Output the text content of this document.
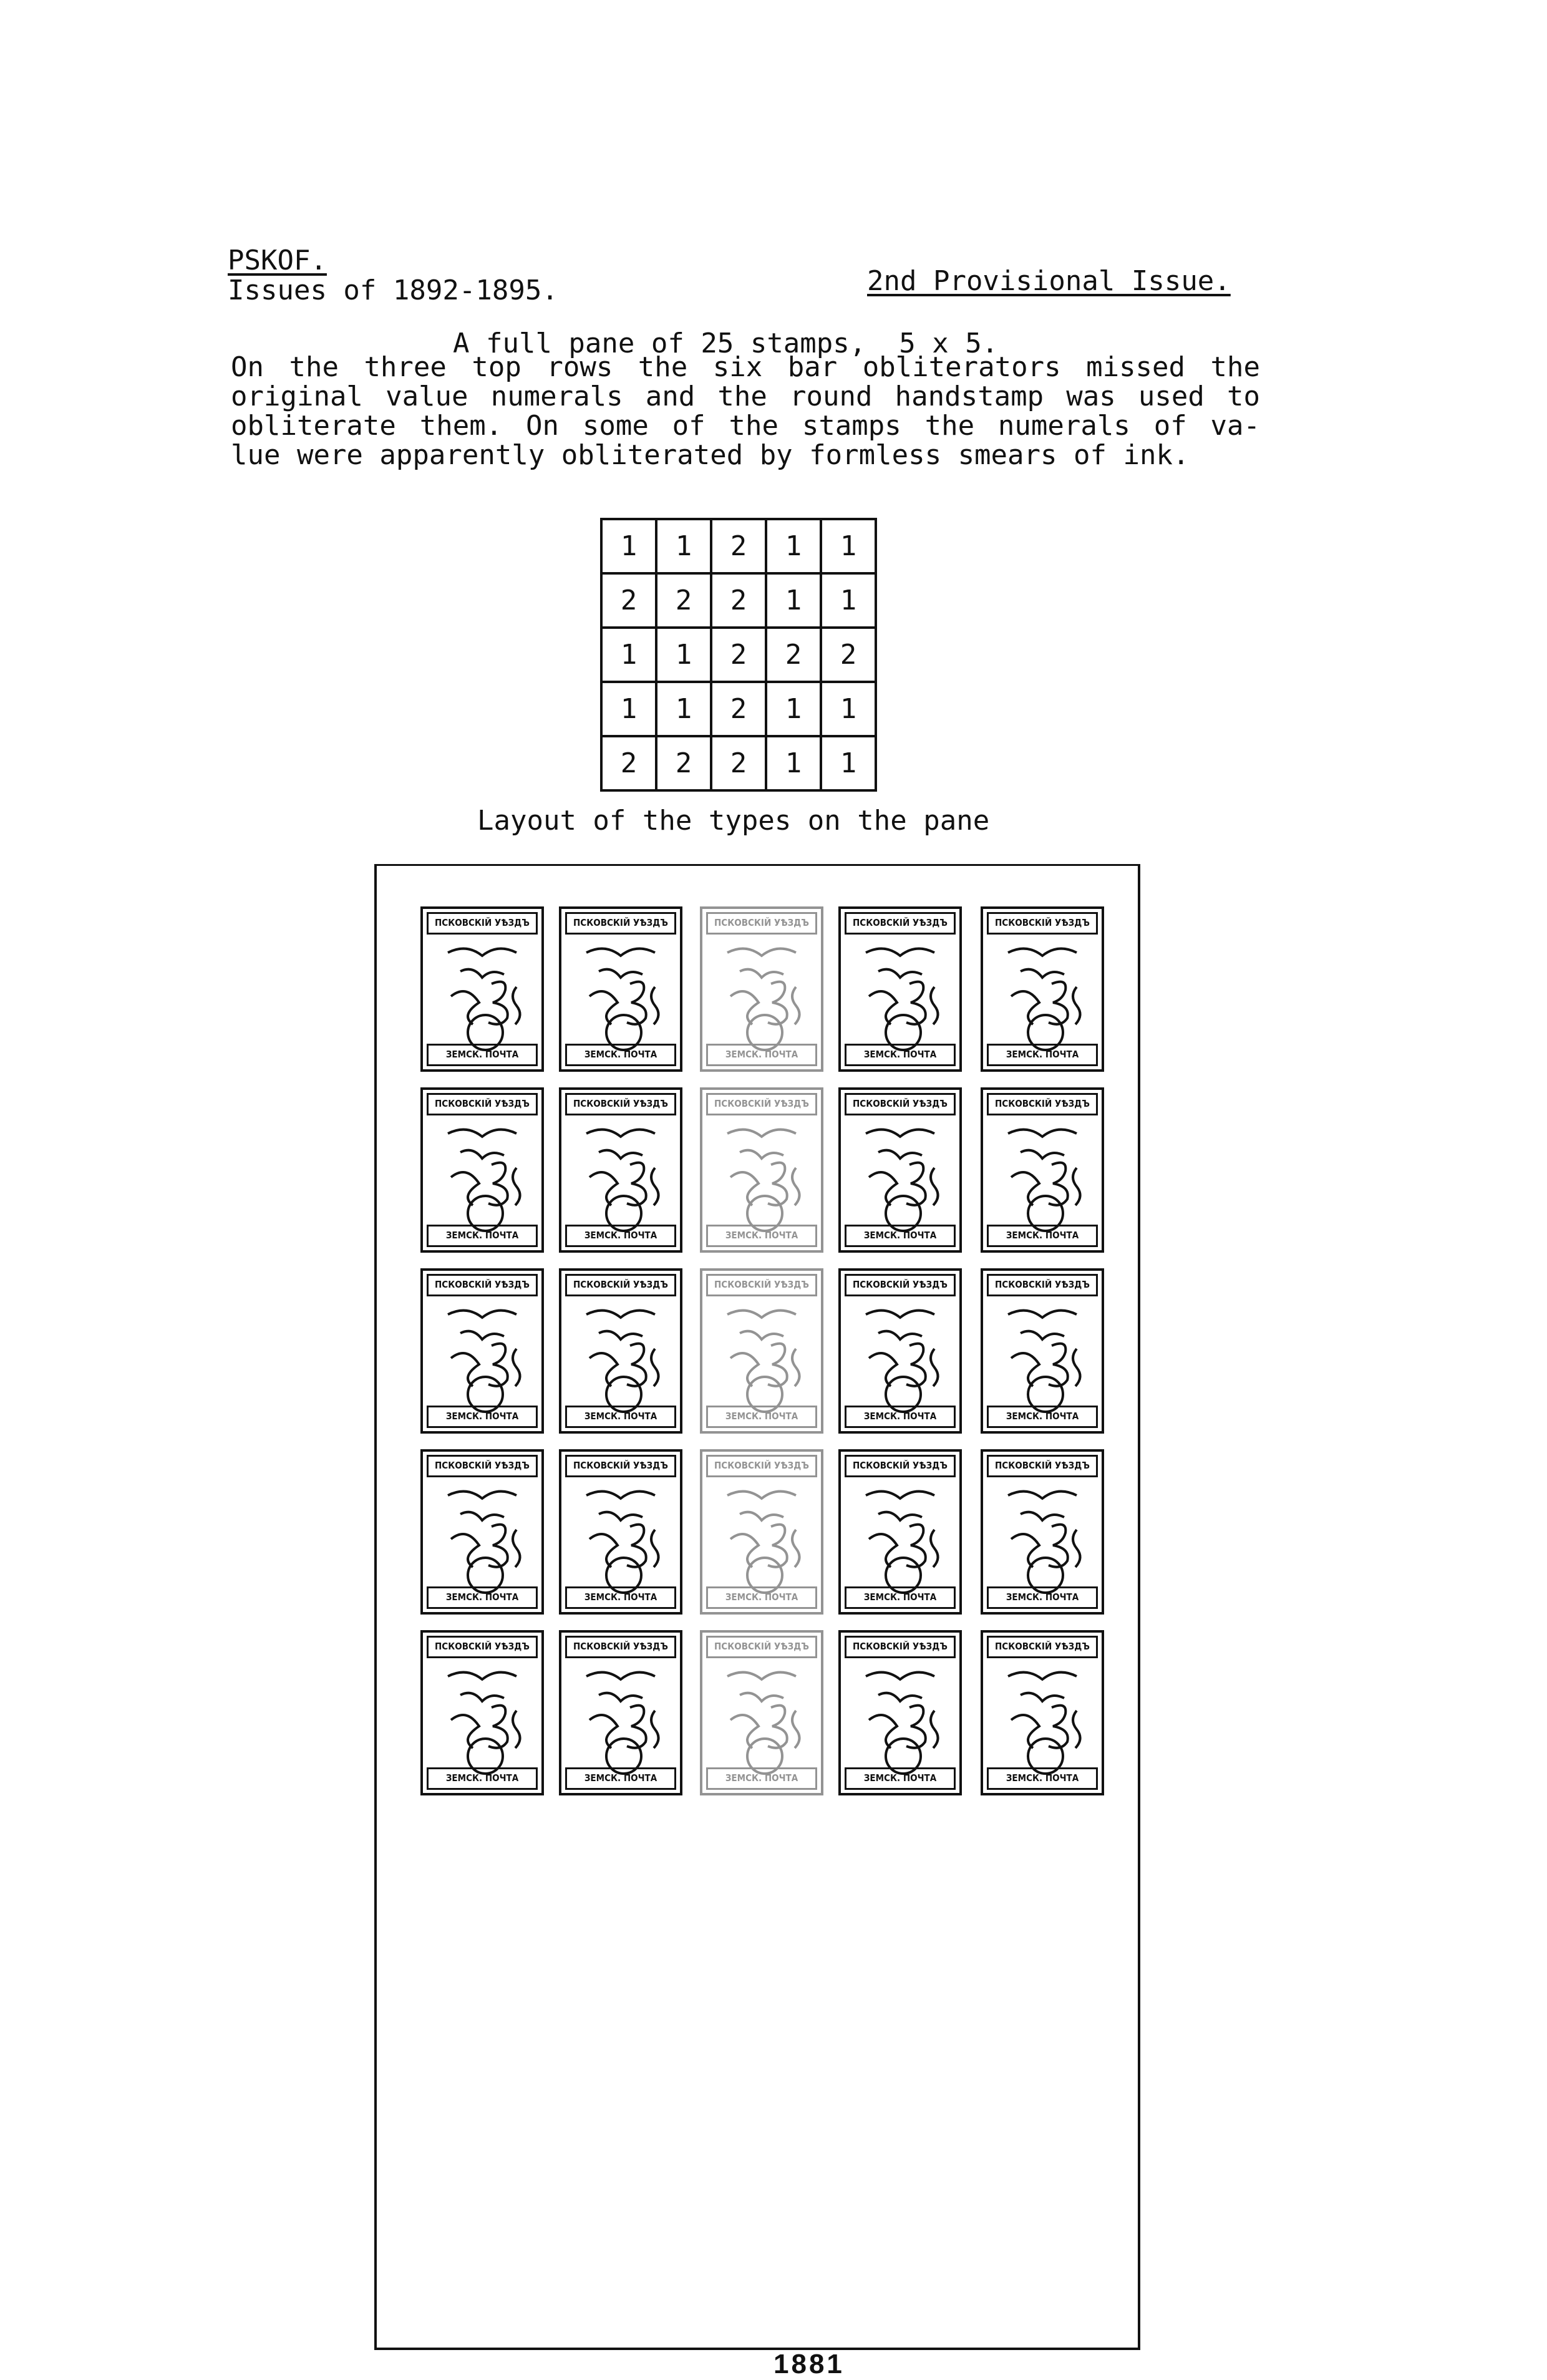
PSKOF.
Issues of 1892-1895.	2nd Provisional Issue.
A full pane of 25 stamps,  5 x 5.
On the three top rows the six bar obliterators missed the
original value numerals and the round handstamp was used to
obliterate them. On some of the stamps the numerals of va-
lue were apparently obliterated by formless smears of ink.
1	1	2	1	1
2	2	2	1	1
1	1	2	2	2
1	1	2	1	1
2	2	2	1	1
Layout of the types on the pane
ПСКОВСКIЙ УѢЗДЪ
ЗЕМСК. ПОЧТА
ПСКОВСКIЙ УѢЗДЪ
ЗЕМСК. ПОЧТА
ПСКОВСКIЙ УѢЗДЪ
ЗЕМСК. ПОЧТА
ПСКОВСКIЙ УѢЗДЪ
ЗЕМСК. ПОЧТА
ПСКОВСКIЙ УѢЗДЪ
ЗЕМСК. ПОЧТА
ПСКОВСКIЙ УѢЗДЪ
ЗЕМСК. ПОЧТА
ПСКОВСКIЙ УѢЗДЪ
ЗЕМСК. ПОЧТА
ПСКОВСКIЙ УѢЗДЪ
ЗЕМСК. ПОЧТА
ПСКОВСКIЙ УѢЗДЪ
ЗЕМСК. ПОЧТА
ПСКОВСКIЙ УѢЗДЪ
ЗЕМСК. ПОЧТА
ПСКОВСКIЙ УѢЗДЪ
ЗЕМСК. ПОЧТА
ПСКОВСКIЙ УѢЗДЪ
ЗЕМСК. ПОЧТА
ПСКОВСКIЙ УѢЗДЪ
ЗЕМСК. ПОЧТА
ПСКОВСКIЙ УѢЗДЪ
ЗЕМСК. ПОЧТА
ПСКОВСКIЙ УѢЗДЪ
ЗЕМСК. ПОЧТА
ПСКОВСКIЙ УѢЗДЪ
ЗЕМСК. ПОЧТА
ПСКОВСКIЙ УѢЗДЪ
ЗЕМСК. ПОЧТА
ПСКОВСКIЙ УѢЗДЪ
ЗЕМСК. ПОЧТА
ПСКОВСКIЙ УѢЗДЪ
ЗЕМСК. ПОЧТА
ПСКОВСКIЙ УѢЗДЪ
ЗЕМСК. ПОЧТА
ПСКОВСКIЙ УѢЗДЪ
ЗЕМСК. ПОЧТА
ПСКОВСКIЙ УѢЗДЪ
ЗЕМСК. ПОЧТА
ПСКОВСКIЙ УѢЗДЪ
ЗЕМСК. ПОЧТА
ПСКОВСКIЙ УѢЗДЪ
ЗЕМСК. ПОЧТА
ПСКОВСКIЙ УѢЗДЪ
ЗЕМСК. ПОЧТА
1881
